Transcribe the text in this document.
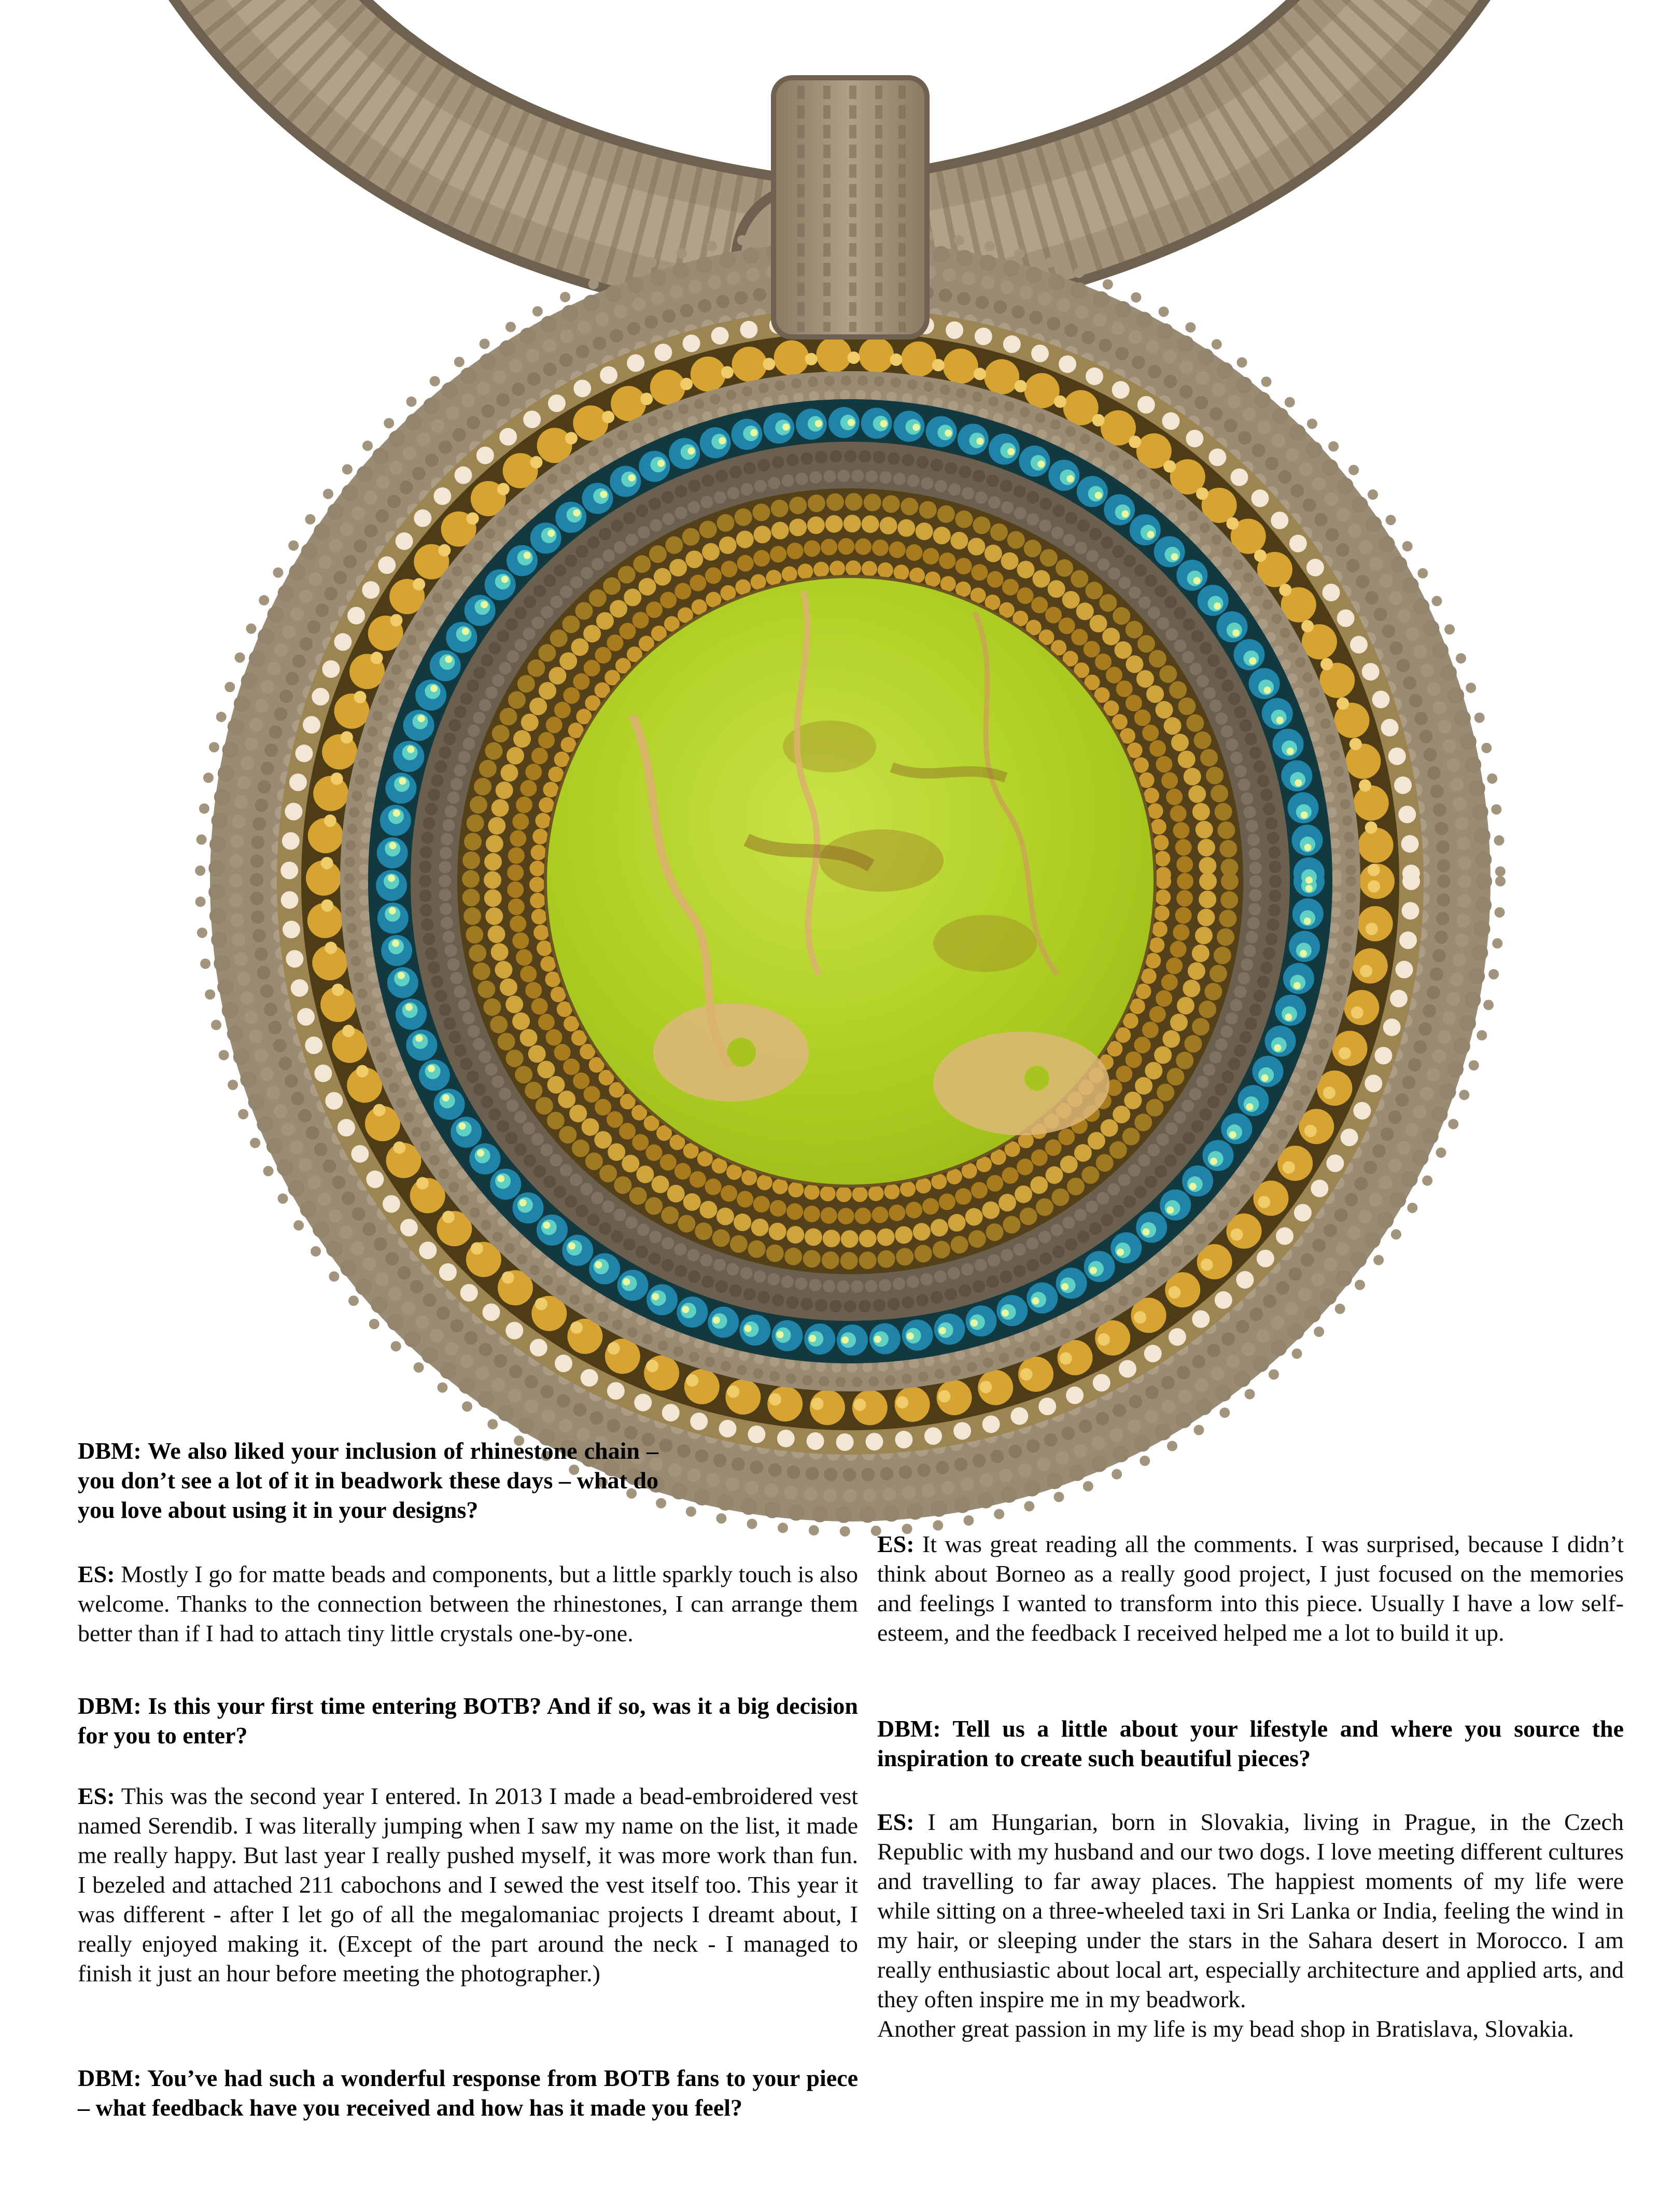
DBM: We also liked your inclusion of rhinestone chain – you don’t see a lot of it in beadwork these days – what do you love about using it in your designs?

ES: Mostly I go for matte beads and components, but a little sparkly touch is also welcome. Thanks to the connection between the rhinestones, I can arrange them better than if I had to attach tiny little crystals one-by-one.

DBM: Is this your first time entering BOTB? And if so, was it a big decision for you to enter?

ES: This was the second year I entered. In 2013 I made a bead-embroidered vest named Serendib. I was literally jumping when I saw my name on the list, it made me really happy. But last year I really pushed myself, it was more work than fun. I bezeled and attached 211 cabochons and I sewed the vest itself too. This year it was different - after I let go of all the megalomaniac projects I dreamt about, I really enjoyed making it. (Except of the part around the neck - I managed to finish it just an hour before meeting the photographer.)

DBM: You’ve had such a wonderful response from BOTB fans to your piece – what feedback have you received and how has it made you feel?

ES: It was great reading all the comments. I was surprised, because I didn’t think about Borneo as a really good project, I just focused on the memories and feelings I wanted to transform into this piece. Usually I have a low self-esteem, and the feedback I received helped me a lot to build it up.

DBM: Tell us a little about your lifestyle and where you source the inspiration to create such beautiful pieces?

ES: I am Hungarian, born in Slovakia, living in Prague, in the Czech Republic with my husband and our two dogs. I love meeting different cultures and travelling to far away places. The happiest moments of my life were while sitting on a three-wheeled taxi in Sri Lanka or India, feeling the wind in my hair, or sleeping under the stars in the Sahara desert in Morocco. I am really enthusiastic about local art, especially architecture and applied arts, and they often inspire me in my beadwork.
Another great passion in my life is my bead shop in Bratislava, Slovakia.
